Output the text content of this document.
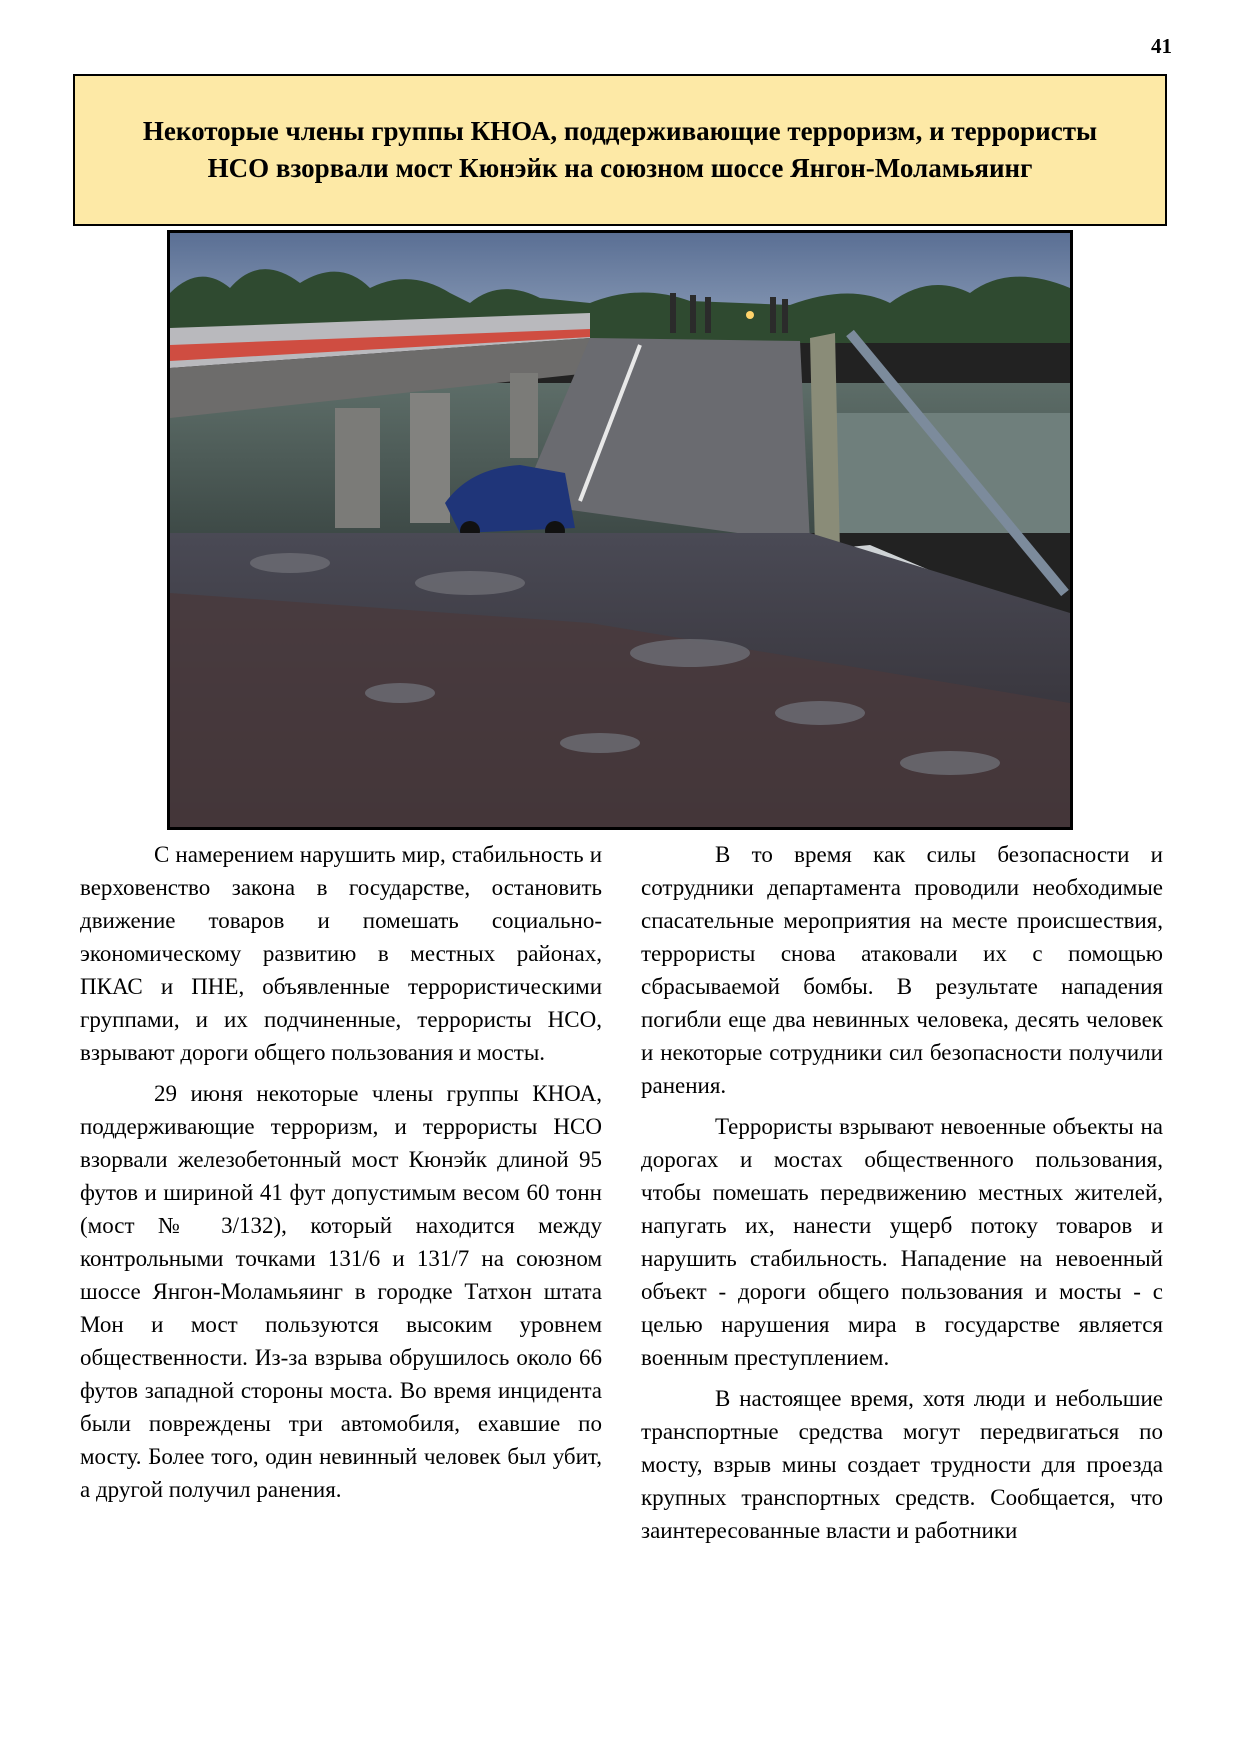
41
Некоторые члены группы КНОА, поддерживающие терроризм, и террористы НСО взорвали мост Кюнэйк на союзном шоссе Янгон-Моламьяинг

С намерением нарушить мир, стабильность и верховенство закона в государстве, остановить движение товаров и помешать социально-экономическому развитию в местных районах, ПКАС и ПНЕ, объявленные террористическими группами, и их подчиненные, террористы НСО, взрывают дороги общего пользования и мосты.

29 июня некоторые члены группы КНОА, поддерживающие терроризм, и террористы НСО взорвали железобетонный мост Кюнэйк длиной 95 футов и шириной 41 фут допустимым весом 60 тонн (мост № 3/132), который находится между контрольными точками 131/6 и 131/7 на союзном шоссе Янгон-Моламьяинг в городке Татхон штата Мон и мост пользуются высоким уровнем общественности. Из-за взрыва обрушилось около 66 футов западной стороны моста. Во время инцидента были повреждены три автомобиля, ехавшие по мосту. Более того, один невинный человек был убит, а другой получил ранения.

В то время как силы безопасности и сотрудники департамента проводили необходимые спасательные мероприятия на месте происшествия, террористы снова атаковали их с помощью сбрасываемой бомбы. В результате нападения погибли еще два невинных человека, десять человек и некоторые сотрудники сил безопасности получили ранения.

Террористы взрывают невоенные объекты на дорогах и мостах общественного пользования, чтобы помешать передвижению местных жителей, напугать их, нанести ущерб потоку товаров и нарушить стабильность. Нападение на невоенный объект - дороги общего пользования и мосты - с целью нарушения мира в государстве является военным преступлением.

В настоящее время, хотя люди и небольшие транспортные средства могут передвигаться по мосту, взрыв мины создает трудности для проезда крупных транспортных средств. Сообщается, что заинтересованные власти и работники
